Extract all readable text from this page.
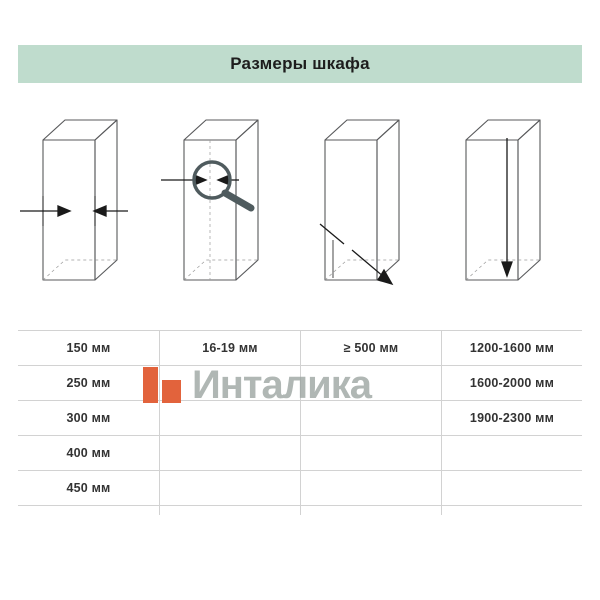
Размеры шкафа
150 мм
250 мм
300 мм
400 мм
450 мм
16-19 мм	≥ 500 мм	1200-1600 мм
1600-2000 мм
1900-2300 мм
Инталика
